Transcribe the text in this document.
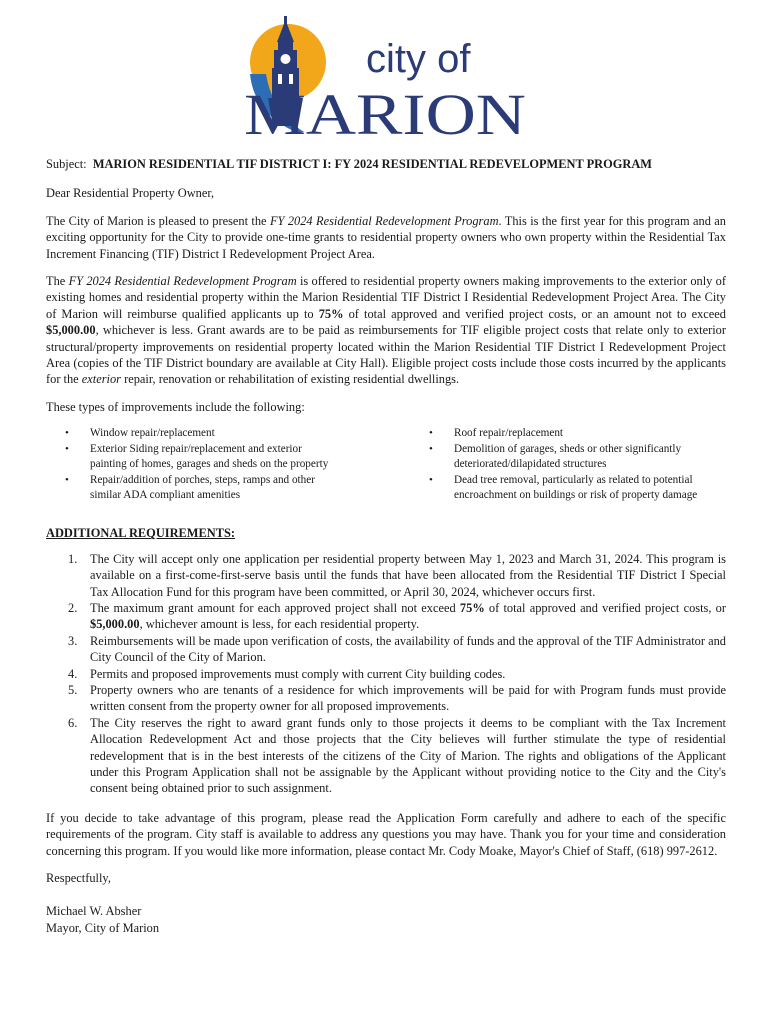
city of
MARION
Subject: MARION RESIDENTIAL TIF DISTRICT I: FY 2024 RESIDENTIAL REDEVELOPMENT PROGRAM

Dear Residential Property Owner,

The City of Marion is pleased to present the FY 2024 Residential Redevelopment Program. This is the first year for this program and an exciting opportunity for the City to provide one-time grants to residential property owners who own property within the Residential Tax Increment Financing (TIF) District I Redevelopment Project Area.

The FY 2024 Residential Redevelopment Program is offered to residential property owners making improvements to the exterior only of existing homes and residential property within the Marion Residential TIF District I Residential Redevelopment Project Area. The City of Marion will reimburse qualified applicants up to 75% of total approved and verified project costs, or an amount not to exceed $5,000.00, whichever is less. Grant awards are to be paid as reimbursements for TIF eligible project costs that relate only to exterior structural/property improvements on residential property located within the Marion Residential TIF District I Redevelopment Project Area (copies of the TIF District boundary are available at City Hall). Eligible project costs include those costs incurred by the applicants for the exterior repair, renovation or rehabilitation of existing residential dwellings.

These types of improvements include the following:

• Window repair/replacement
• Exterior Siding repair/replacement and exterior painting of homes, garages and sheds on the property
• Repair/addition of porches, steps, ramps and other similar ADA compliant amenities
• Roof repair/replacement
• Demolition of garages, sheds or other significantly deteriorated/dilapidated structures
• Dead tree removal, particularly as related to potential encroachment on buildings or risk of property damage
ADDITIONAL REQUIREMENTS:
1. The City will accept only one application per residential property between May 1, 2023 and March 31, 2024. This program is available on a first-come-first-serve basis until the funds that have been allocated from the Residential TIF District I Special Tax Allocation Fund for this program have been committed, or April 30, 2024, whichever occurs first.
2. The maximum grant amount for each approved project shall not exceed 75% of total approved and verified project costs, or $5,000.00, whichever amount is less, for each residential property.
3. Reimbursements will be made upon verification of costs, the availability of funds and the approval of the TIF Administrator and City Council of the City of Marion.
4. Permits and proposed improvements must comply with current City building codes.
5. Property owners who are tenants of a residence for which improvements will be paid for with Program funds must provide written consent from the property owner for all proposed improvements.
6. The City reserves the right to award grant funds only to those projects it deems to be compliant with the Tax Increment Allocation Redevelopment Act and those projects that the City believes will further stimulate the type of residential redevelopment that is in the best interests of the citizens of the City of Marion. The rights and obligations of the Applicant under this Program Application shall not be assignable by the Applicant without providing notice to the City and the City's consent being obtained prior to such assignment.

If you decide to take advantage of this program, please read the Application Form carefully and adhere to each of the specific requirements of the program. City staff is available to address any questions you may have. Thank you for your time and consideration concerning this program. If you would like more information, please contact Mr. Cody Moake, Mayor's Chief of Staff, (618) 997-2612.

Respectfully,

Michael W. Absher

Mayor, City of Marion
